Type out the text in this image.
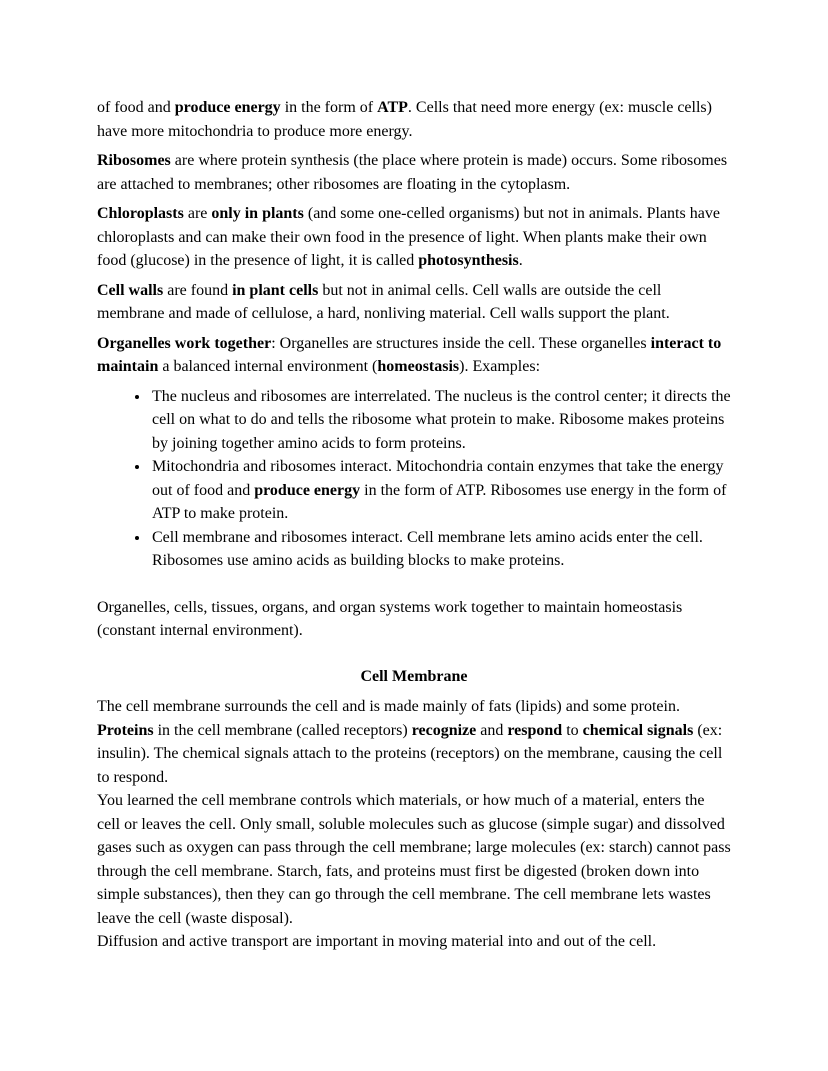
of food and produce energy in the form of ATP. Cells that need more energy (ex: muscle cells) have more mitochondria to produce more energy.

Ribosomes are where protein synthesis (the place where protein is made) occurs. Some ribosomes are attached to membranes; other ribosomes are floating in the cytoplasm.

Chloroplasts are only in plants (and some one-celled organisms) but not in animals. Plants have chloroplasts and can make their own food in the presence of light. When plants make their own food (glucose) in the presence of light, it is called photosynthesis.

Cell walls are found in plant cells but not in animal cells. Cell walls are outside the cell membrane and made of cellulose, a hard, nonliving material. Cell walls support the plant.

Organelles work together: Organelles are structures inside the cell. These organelles interact to maintain a balanced internal environment (homeostasis). Examples:

• The nucleus and ribosomes are interrelated. The nucleus is the control center; it directs the cell on what to do and tells the ribosome what protein to make. Ribosome makes proteins by joining together amino acids to form proteins.
• Mitochondria and ribosomes interact. Mitochondria contain enzymes that take the energy out of food and produce energy in the form of ATP. Ribosomes use energy in the form of ATP to make protein.
• Cell membrane and ribosomes interact. Cell membrane lets amino acids enter the cell. Ribosomes use amino acids as building blocks to make proteins.

Organelles, cells, tissues, organs, and organ systems work together to maintain homeostasis (constant internal environment).

Cell Membrane

The cell membrane surrounds the cell and is made mainly of fats (lipids) and some protein. Proteins in the cell membrane (called receptors) recognize and respond to chemical signals (ex: insulin). The chemical signals attach to the proteins (receptors) on the membrane, causing the cell to respond.

You learned the cell membrane controls which materials, or how much of a material, enters the cell or leaves the cell. Only small, soluble molecules such as glucose (simple sugar) and dissolved gases such as oxygen can pass through the cell membrane; large molecules (ex: starch) cannot pass through the cell membrane. Starch, fats, and proteins must first be digested (broken down into simple substances), then they can go through the cell membrane. The cell membrane lets wastes leave the cell (waste disposal).

Diffusion and active transport are important in moving material into and out of the cell.
